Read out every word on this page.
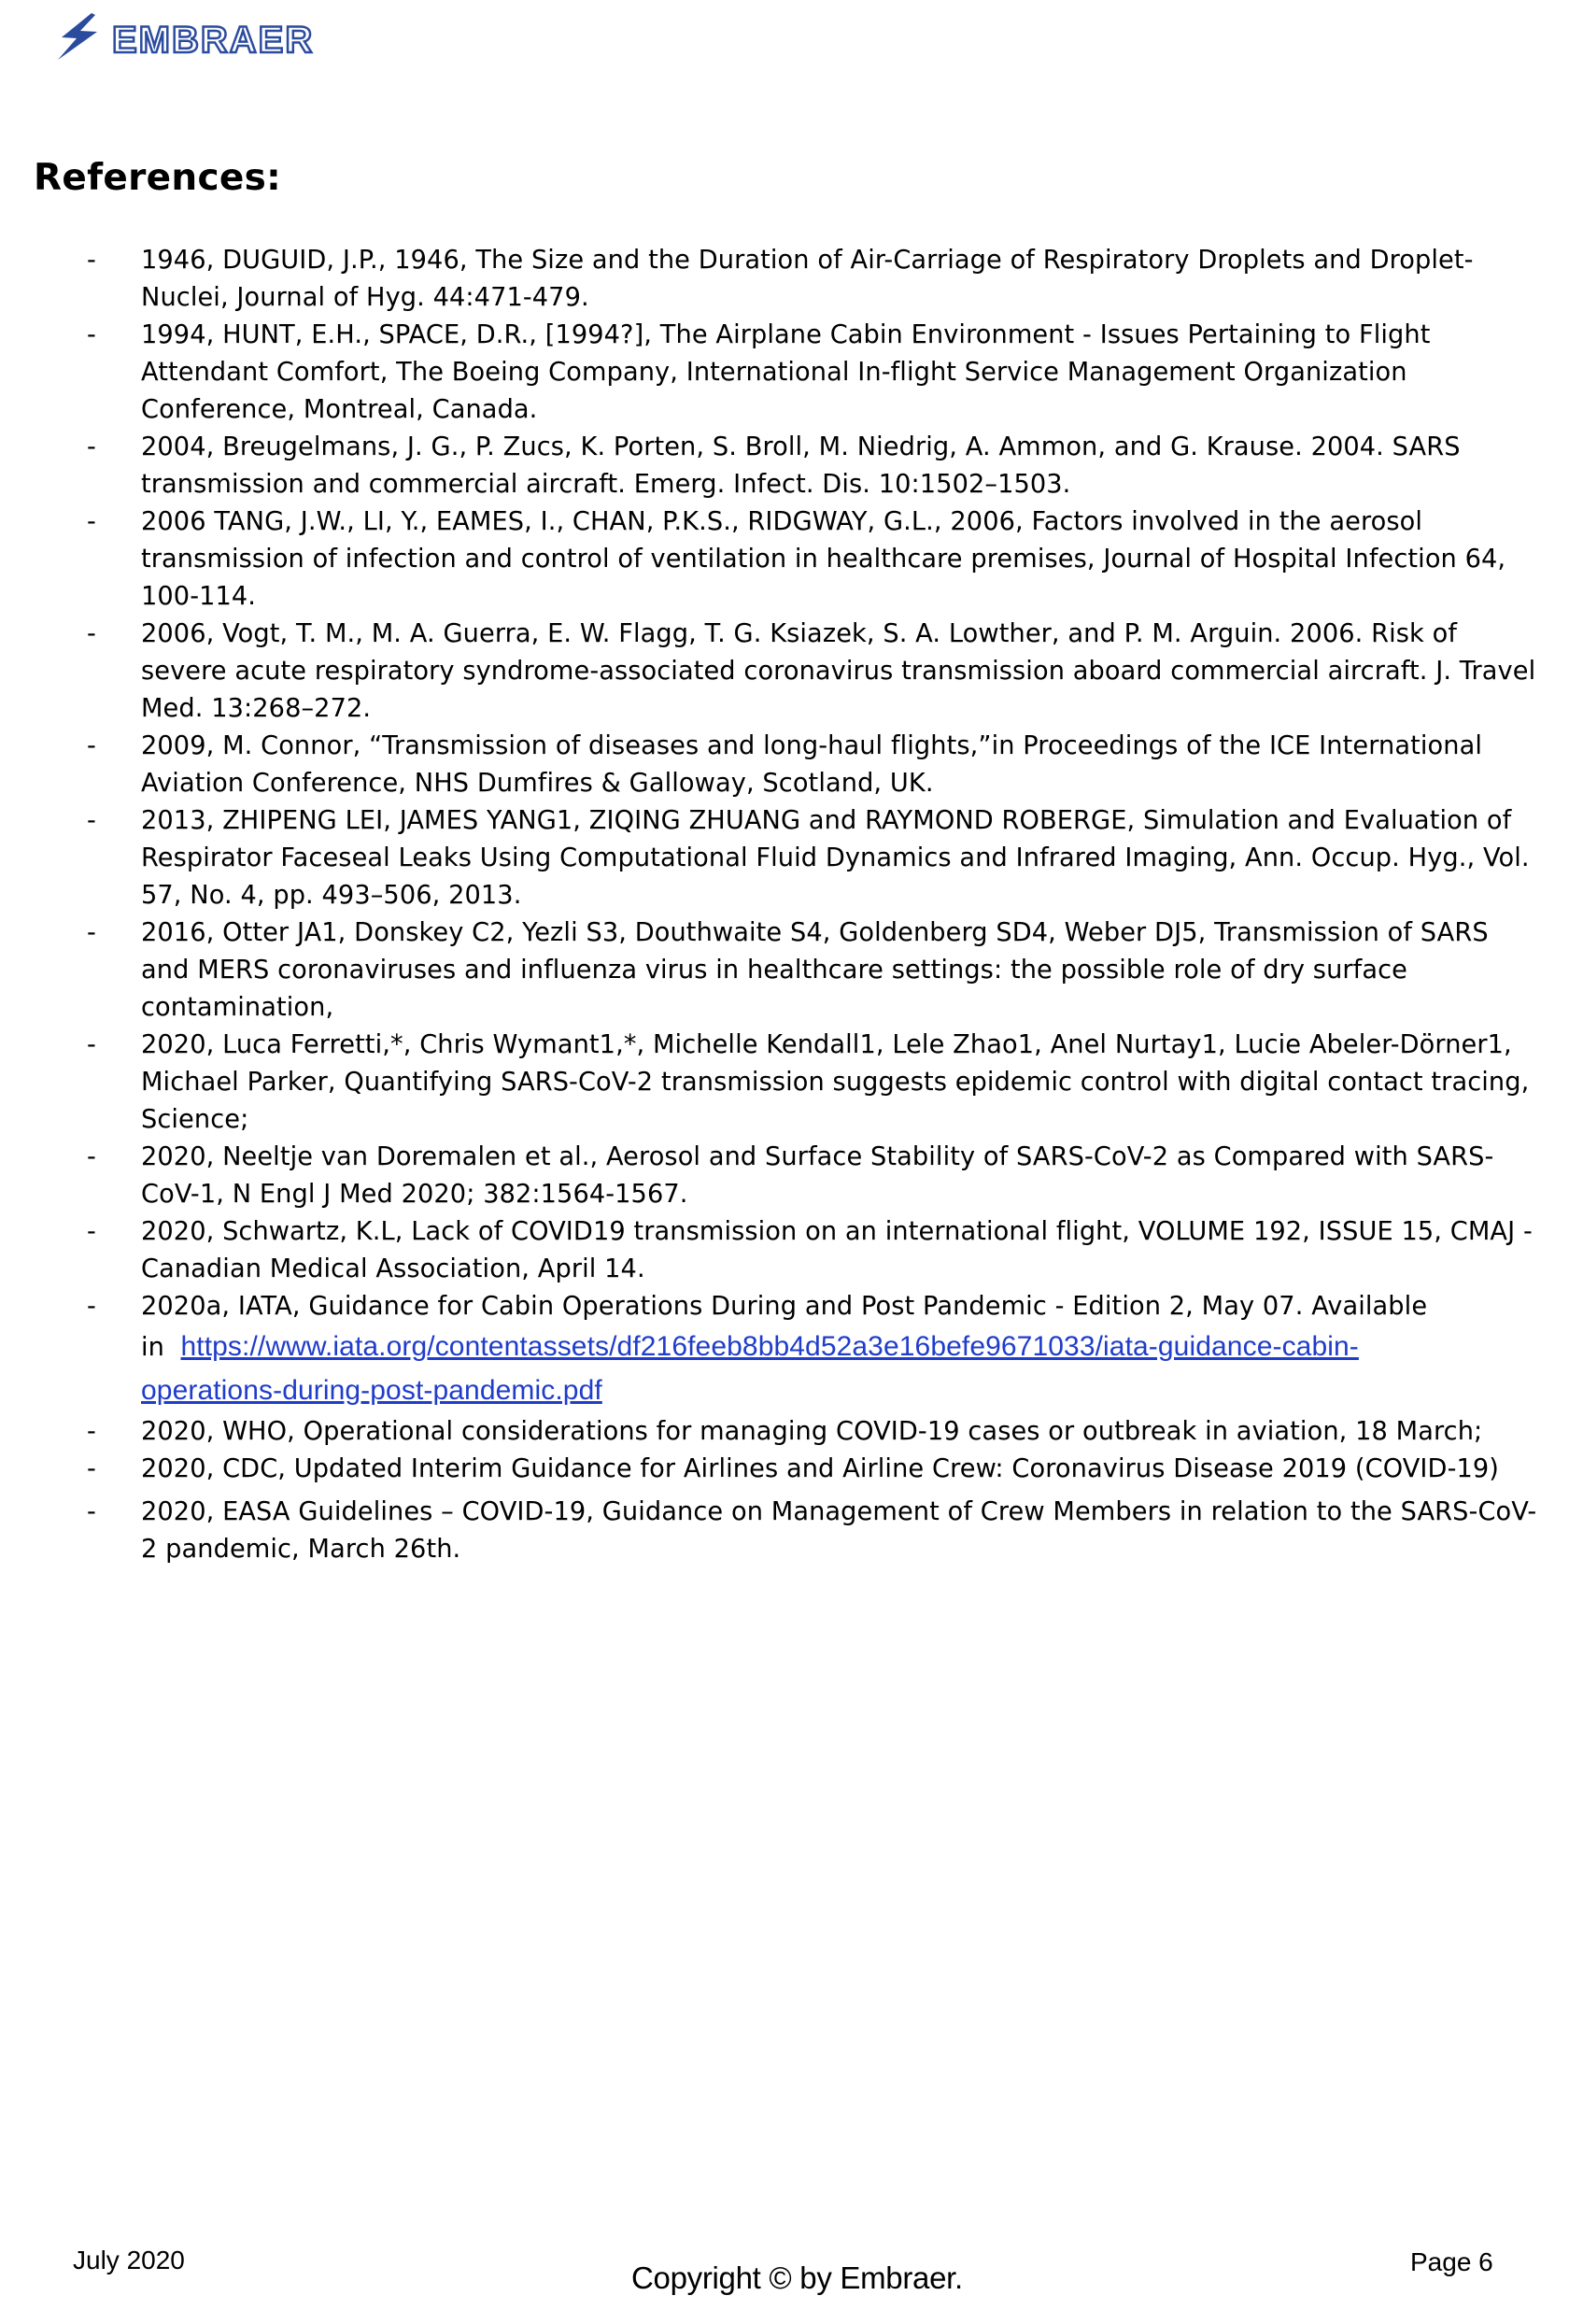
EMBRAER
References:
- 1946, DUGUID, J.P., 1946, The Size and the Duration of Air-Carriage of Respiratory Droplets and Droplet-Nuclei, Journal of Hyg. 44:471-479.
- 1994, HUNT, E.H., SPACE, D.R., [1994?], The Airplane Cabin Environment - Issues Pertaining to Flight Attendant Comfort, The Boeing Company, International In-flight Service Management Organization Conference, Montreal, Canada.
- 2004, Breugelmans, J. G., P. Zucs, K. Porten, S. Broll, M. Niedrig, A. Ammon, and G. Krause. 2004. SARS transmission and commercial aircraft. Emerg. Infect. Dis. 10:1502–1503.
- 2006 TANG, J.W., LI, Y., EAMES, I., CHAN, P.K.S., RIDGWAY, G.L., 2006, Factors involved in the aerosol transmission of infection and control of ventilation in healthcare premises, Journal of Hospital Infection 64, 100-114.
- 2006, Vogt, T. M., M. A. Guerra, E. W. Flagg, T. G. Ksiazek, S. A. Lowther, and P. M. Arguin. 2006. Risk of severe acute respiratory syndrome-associated coronavirus transmission aboard commercial aircraft. J. Travel Med. 13:268–272.
- 2009, M. Connor, “Transmission of diseases and long-haul flights,”in Proceedings of the ICE International Aviation Conference, NHS Dumfires & Galloway, Scotland, UK.
- 2013, ZHIPENG LEI, JAMES YANG1, ZIQING ZHUANG and RAYMOND ROBERGE, Simulation and Evaluation of Respirator Faceseal Leaks Using Computational Fluid Dynamics and Infrared Imaging, Ann. Occup. Hyg., Vol. 57, No. 4, pp. 493–506, 2013.
- 2016, Otter JA1, Donskey C2, Yezli S3, Douthwaite S4, Goldenberg SD4, Weber DJ5, Transmission of SARS and MERS coronaviruses and influenza virus in healthcare settings: the possible role of dry surface contamination,
- 2020, Luca Ferretti,*, Chris Wymant1,*, Michelle Kendall1, Lele Zhao1, Anel Nurtay1, Lucie Abeler-Dörner1, Michael Parker, Quantifying SARS-CoV-2 transmission suggests epidemic control with digital contact tracing, Science;
- 2020, Neeltje van Doremalen et al., Aerosol and Surface Stability of SARS-CoV-2 as Compared with SARS-CoV-1, N Engl J Med 2020; 382:1564-1567.
- 2020, Schwartz, K.L, Lack of COVID19 transmission on an international flight, VOLUME 192, ISSUE 15, CMAJ - Canadian Medical Association, April 14.
- 2020a, IATA, Guidance for Cabin Operations During and Post Pandemic - Edition 2, May 07. Available

in https://www.iata.org/contentassets/df216feeb8bb4d52a3e16befe9671033/iata-guidance-cabin-
operations-during-post-pandemic.pdf
- 2020, WHO, Operational considerations for managing COVID-19 cases or outbreak in aviation, 18 March;
- 2020, CDC, Updated Interim Guidance for Airlines and Airline Crew: Coronavirus Disease 2019 (COVID-19)
- 2020, EASA Guidelines – COVID-19, Guidance on Management of Crew Members in relation to the SARS-CoV-2 pandemic, March 26th.
July 2020
Copyright © by Embraer.	Page 6
